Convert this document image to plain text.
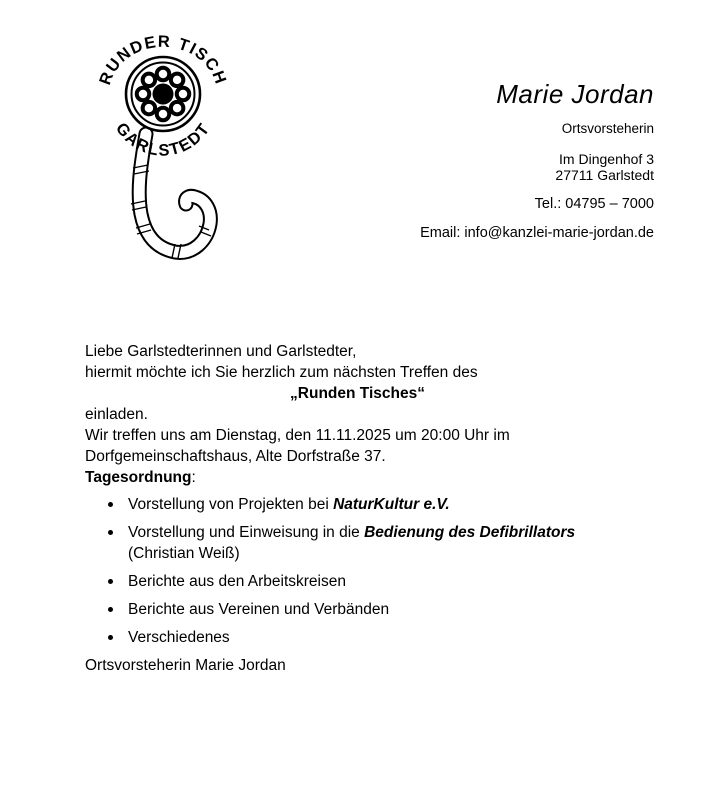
RUNDER TISCH
GARLSTEDT
Marie Jordan
Ortsvorsteherin
Im Dingenhof 3
27711 Garlstedt
Tel.: 04795 – 7000
Email: info@kanzlei-marie-jordan.de

Liebe Garlstedterinnen und Garlstedter,

hiermit möchte ich Sie herzlich zum nächsten Treffen des

„Runden Tisches“

einladen.

Wir treffen uns am Dienstag, den 11.11.2025 um 20:00 Uhr im
Dorfgemeinschaftshaus, Alte Dorfstraße 37.

Tagesordnung:

Vorstellung von Projekten bei NaturKultur e.V.
Vorstellung und Einweisung in die Bedienung des Defibrillators
(Christian Weiß)
Berichte aus den Arbeitskreisen
Berichte aus Vereinen und Verbänden
Verschiedenes

Ortsvorsteherin Marie Jordan
